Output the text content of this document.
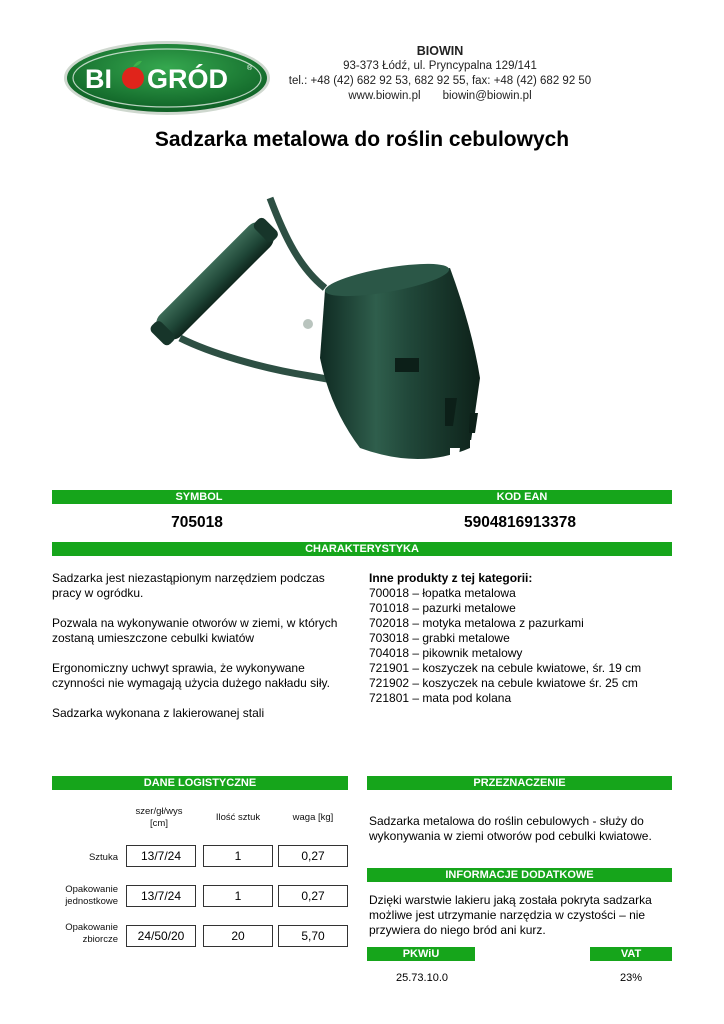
BI GRÓD	®
BIOWIN
93-373 Łódź, ul. Pryncypalna 129/141
tel.: +48 (42) 682 92 53, 682 92 55, fax: +48 (42) 682 92 50
www.biowin.pl biowin@biowin.pl
Sadzarka metalowa do roślin cebulowych
SYMBOL	KOD EAN
705018	5904816913378
CHARAKTERYSTYKA

Sadzarka jest niezastąpionym narzędziem podczas pracy w ogródku.

Pozwala na wykonywanie otworów w ziemi, w których zostaną umieszczone cebulki kwiatów

Ergonomiczny uchwyt sprawia, że wykonywane czynności nie wymagają użycia dużego nakładu siły.

Sadzarka wykonana z lakierowanej stali

Inne produkty z tej kategorii:
700018 – łopatka metalowa
701018 – pazurki metalowe
702018 – motyka metalowa z pazurkami
703018 – grabki metalowe
704018 – pikownik metalowy
721901 – koszyczek na cebule kwiatowe, śr. 19 cm
721902 – koszyczek na cebule kwiatowe śr. 25 cm
721801 – mata pod kolana
DANE LOGISTYCZNE
szer/gł/wys [cm]
Ilość sztuk	waga [kg]
Sztuka	13/7/24	1	0,27
Opakowanie jednostkowe	13/7/24	1	0,27
Opakowanie zbiorcze	24/50/20	20	5,70
PRZEZNACZENIE
Sadzarka metalowa do roślin cebulowych - służy do wykonywania w ziemi otworów pod cebulki kwiatowe.
INFORMACJE DODATKOWE
Dzięki warstwie lakieru jaką została pokryta sadzarka możliwe jest utrzymanie narzędzia w czystości – nie przywiera do niego bród ani kurz.
PKWiU	VAT
25.73.10.0	23%
